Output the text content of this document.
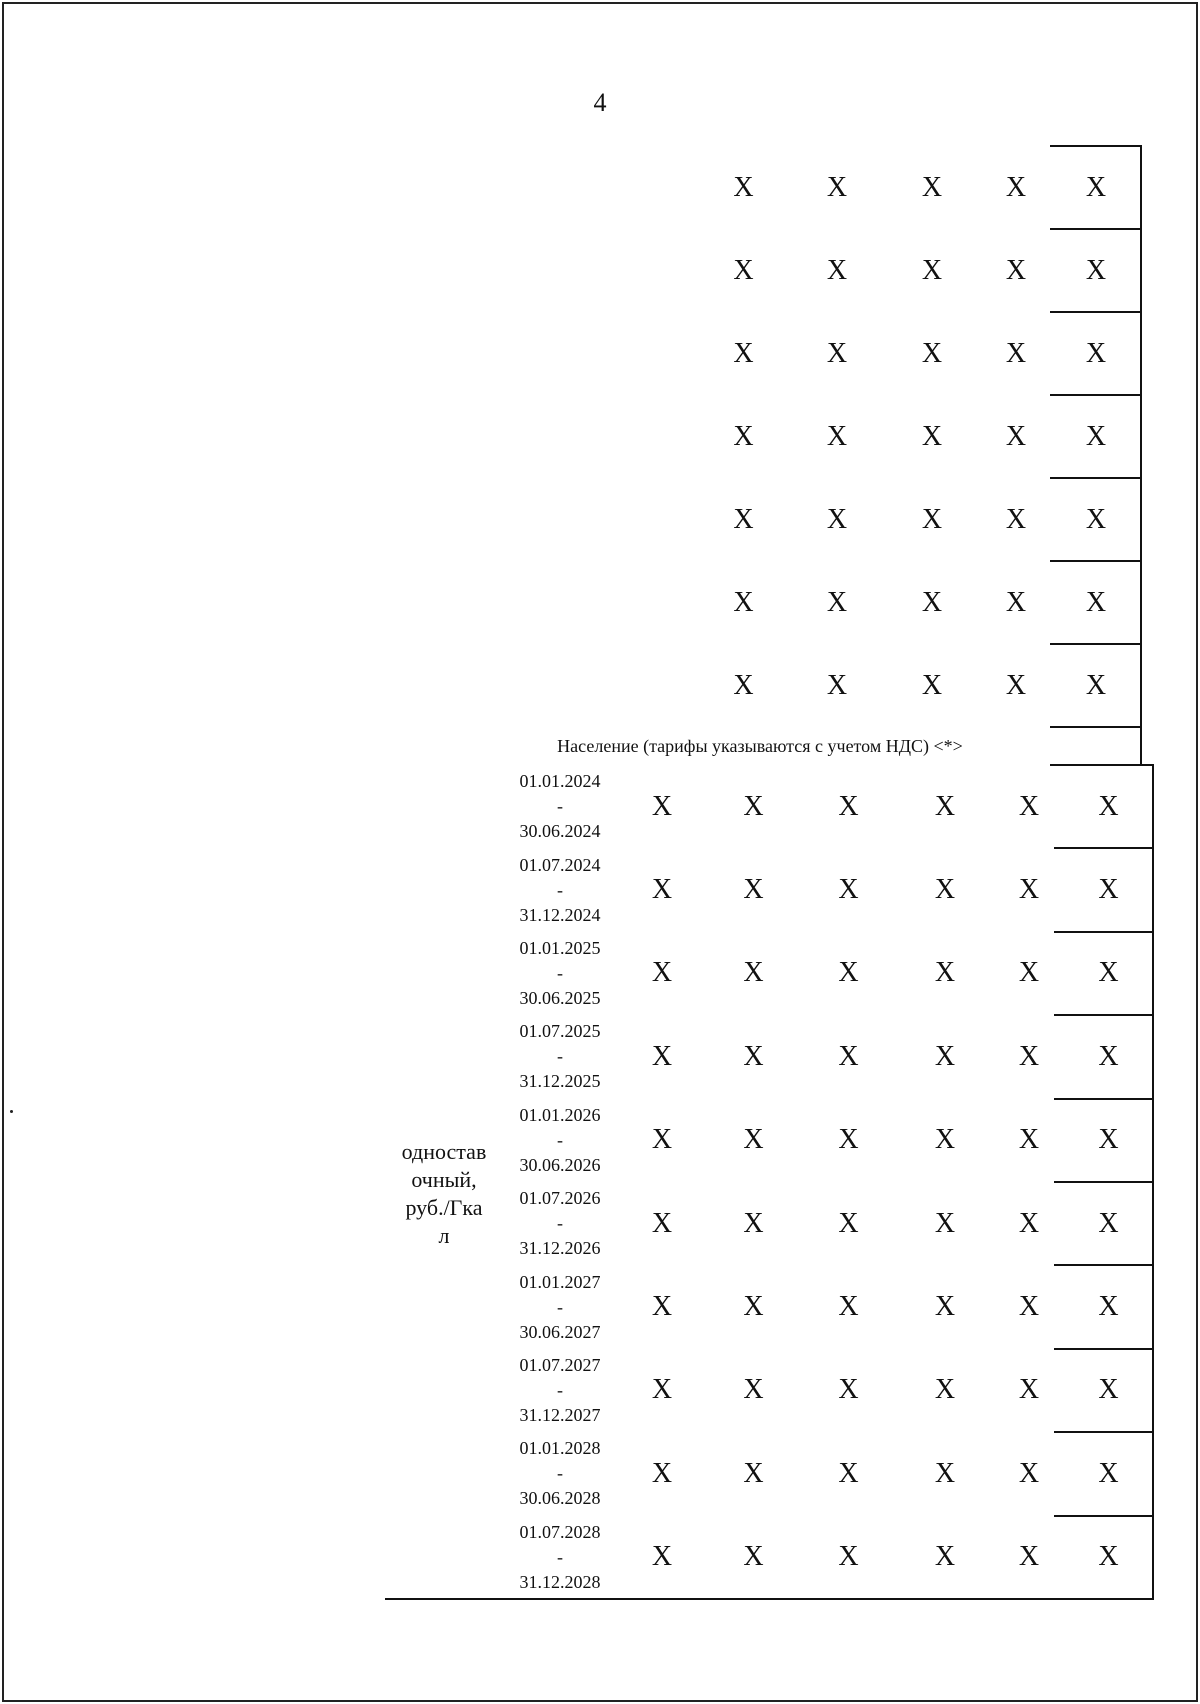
4
X	X	X	X	X
X	X	X	X	X
X	X	X	X	X
X	X	X	X	X
X	X	X	X	X
X	X	X	X	X
X	X	X	X	X
Население (тарифы указываются с учетом НДС) <*>
одностав
очный,
руб./Гка
л
01.01.2024
-
30.06.2024
X	X	X	X	X	X
01.07.2024
-
31.12.2024
X	X	X	X	X	X
01.01.2025
-
30.06.2025
X	X	X	X	X	X
01.07.2025
-
31.12.2025
X	X	X	X	X	X
01.01.2026
-
30.06.2026
X	X	X	X	X	X
01.07.2026
-
31.12.2026
X	X	X	X	X	X
01.01.2027
-
30.06.2027
X	X	X	X	X	X
01.07.2027
-
31.12.2027
X	X	X	X	X	X
01.01.2028
-
30.06.2028
X	X	X	X	X	X
01.07.2028
-
31.12.2028
X	X	X	X	X	X
